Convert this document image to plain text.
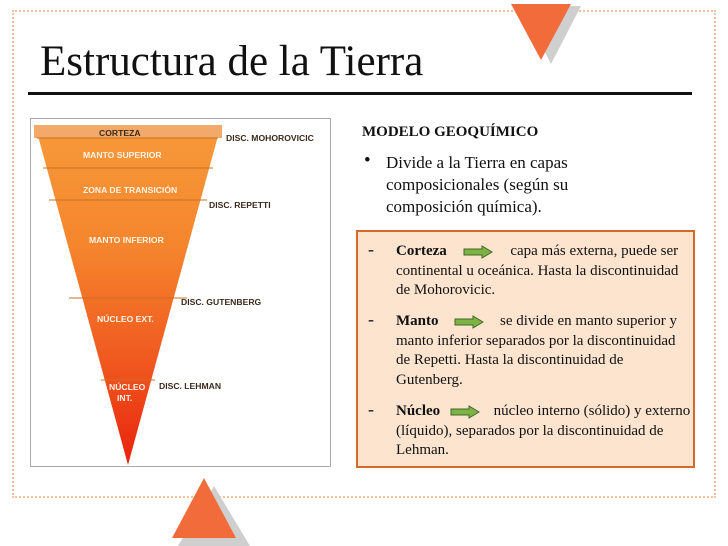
Estructura de la Tierra
CORTEZA
MANTO SUPERIOR
ZONA DE TRANSICIÓN
MANTO INFERIOR
NÚCLEO EXT.
NÚCLEO
INT.
DISC. MOHOROVICIC
DISC. REPETTI
DISC. GUTENBERG
DISC. LEHMAN
MODELO GEOQUÍMICO
• Divide a la Tierra en capas composicionales (según su composición química).
- Corteza	capa más externa, puede ser continental u oceánica. Hasta la discontinuidad de Mohorovicic.
- Manto	se divide en manto superior y manto inferior separados por la discontinuidad de Repetti. Hasta la discontinuidad de Gutenberg.
- Núcleo	núcleo interno (sólido) y externo (líquido), separados por la discontinuidad de Lehman.
